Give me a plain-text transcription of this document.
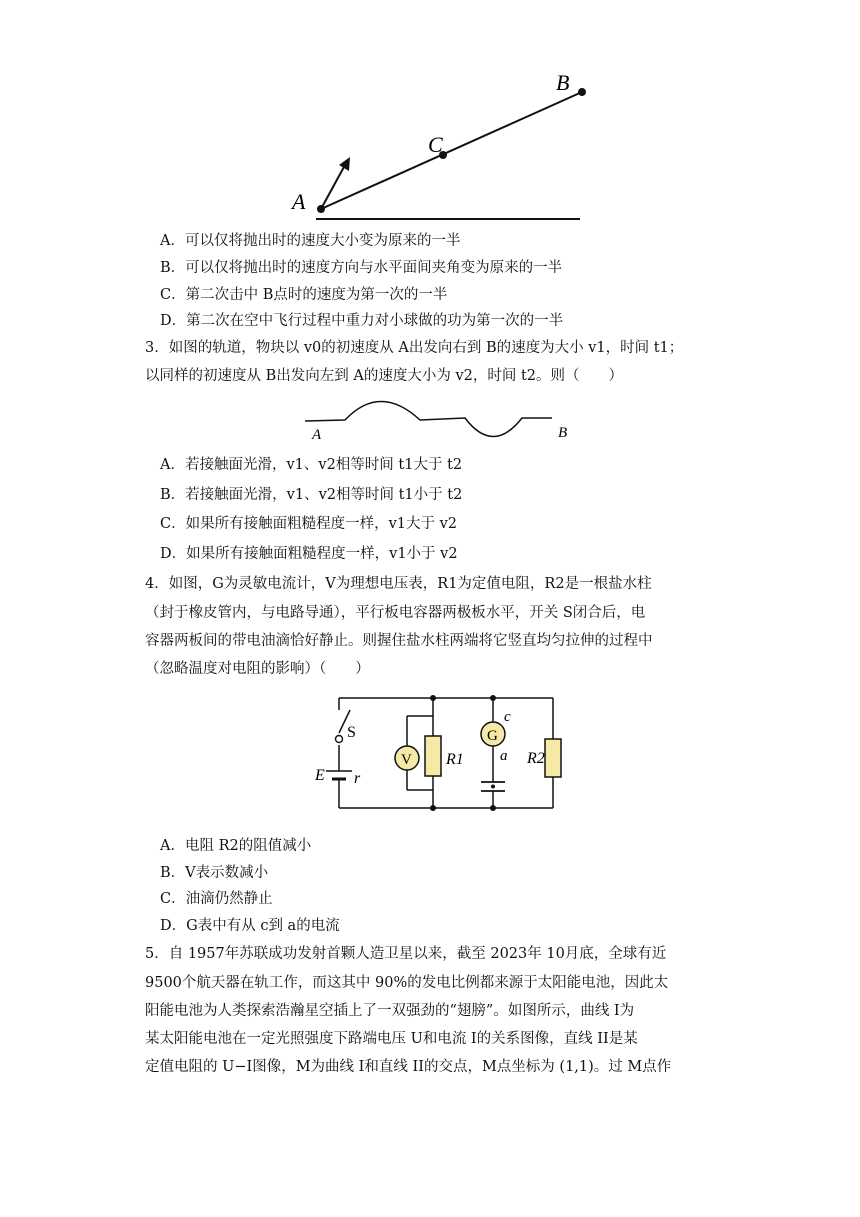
A
C
B
A．可以仅将抛出时的速度大小变为原来的一半
B．可以仅将抛出时的速度方向与水平面间夹角变为原来的一半
C．第二次击中 B点时的速度为第一次的一半
D．第二次在空中飞行过程中重力对小球做的功为第一次的一半
3．如图的轨道，物块以 v0的初速度从 A出发向右到 B的速度为大小 v1，时间 t1；
以同样的初速度从 B出发向左到 A的速度大小为 v2，时间 t2。则（　　）
A	B
A．若接触面光滑，v1、v2相等时间 t1大于 t2
B．若接触面光滑，v1、v2相等时间 t1小于 t2
C．如果所有接触面粗糙程度一样，v1大于 v2
D．如果所有接触面粗糙程度一样，v1小于 v2
4．如图，G为灵敏电流计，V为理想电压表，R1为定值电阻，R2是一根盐水柱
（封于橡皮管内，与电路导通），平行板电容器两极板水平，开关 S闭合后，电
容器两板间的带电油滴恰好静止。则握住盐水柱两端将它竖直均匀拉伸的过程中
（忽略温度对电阻的影响）（　　）
S
E r
V R1
G
c
a R2
A．电阻 R2的阻值减小
B．V表示数减小
C．油滴仍然静止
D．G表中有从 c到 a的电流
5．自 1957年苏联成功发射首颗人造卫星以来，截至 2023年 10月底，全球有近
9500个航天器在轨工作，而这其中 90%的发电比例都来源于太阳能电池，因此太
阳能电池为人类探索浩瀚星空插上了一双强劲的“翅膀”。如图所示，曲线 I为
某太阳能电池在一定光照强度下路端电压 U和电流 I的关系图像，直线 II是某
定值电阻的 U−I图像，M为曲线 I和直线 II的交点，M点坐标为 (1,1)。过 M点作
